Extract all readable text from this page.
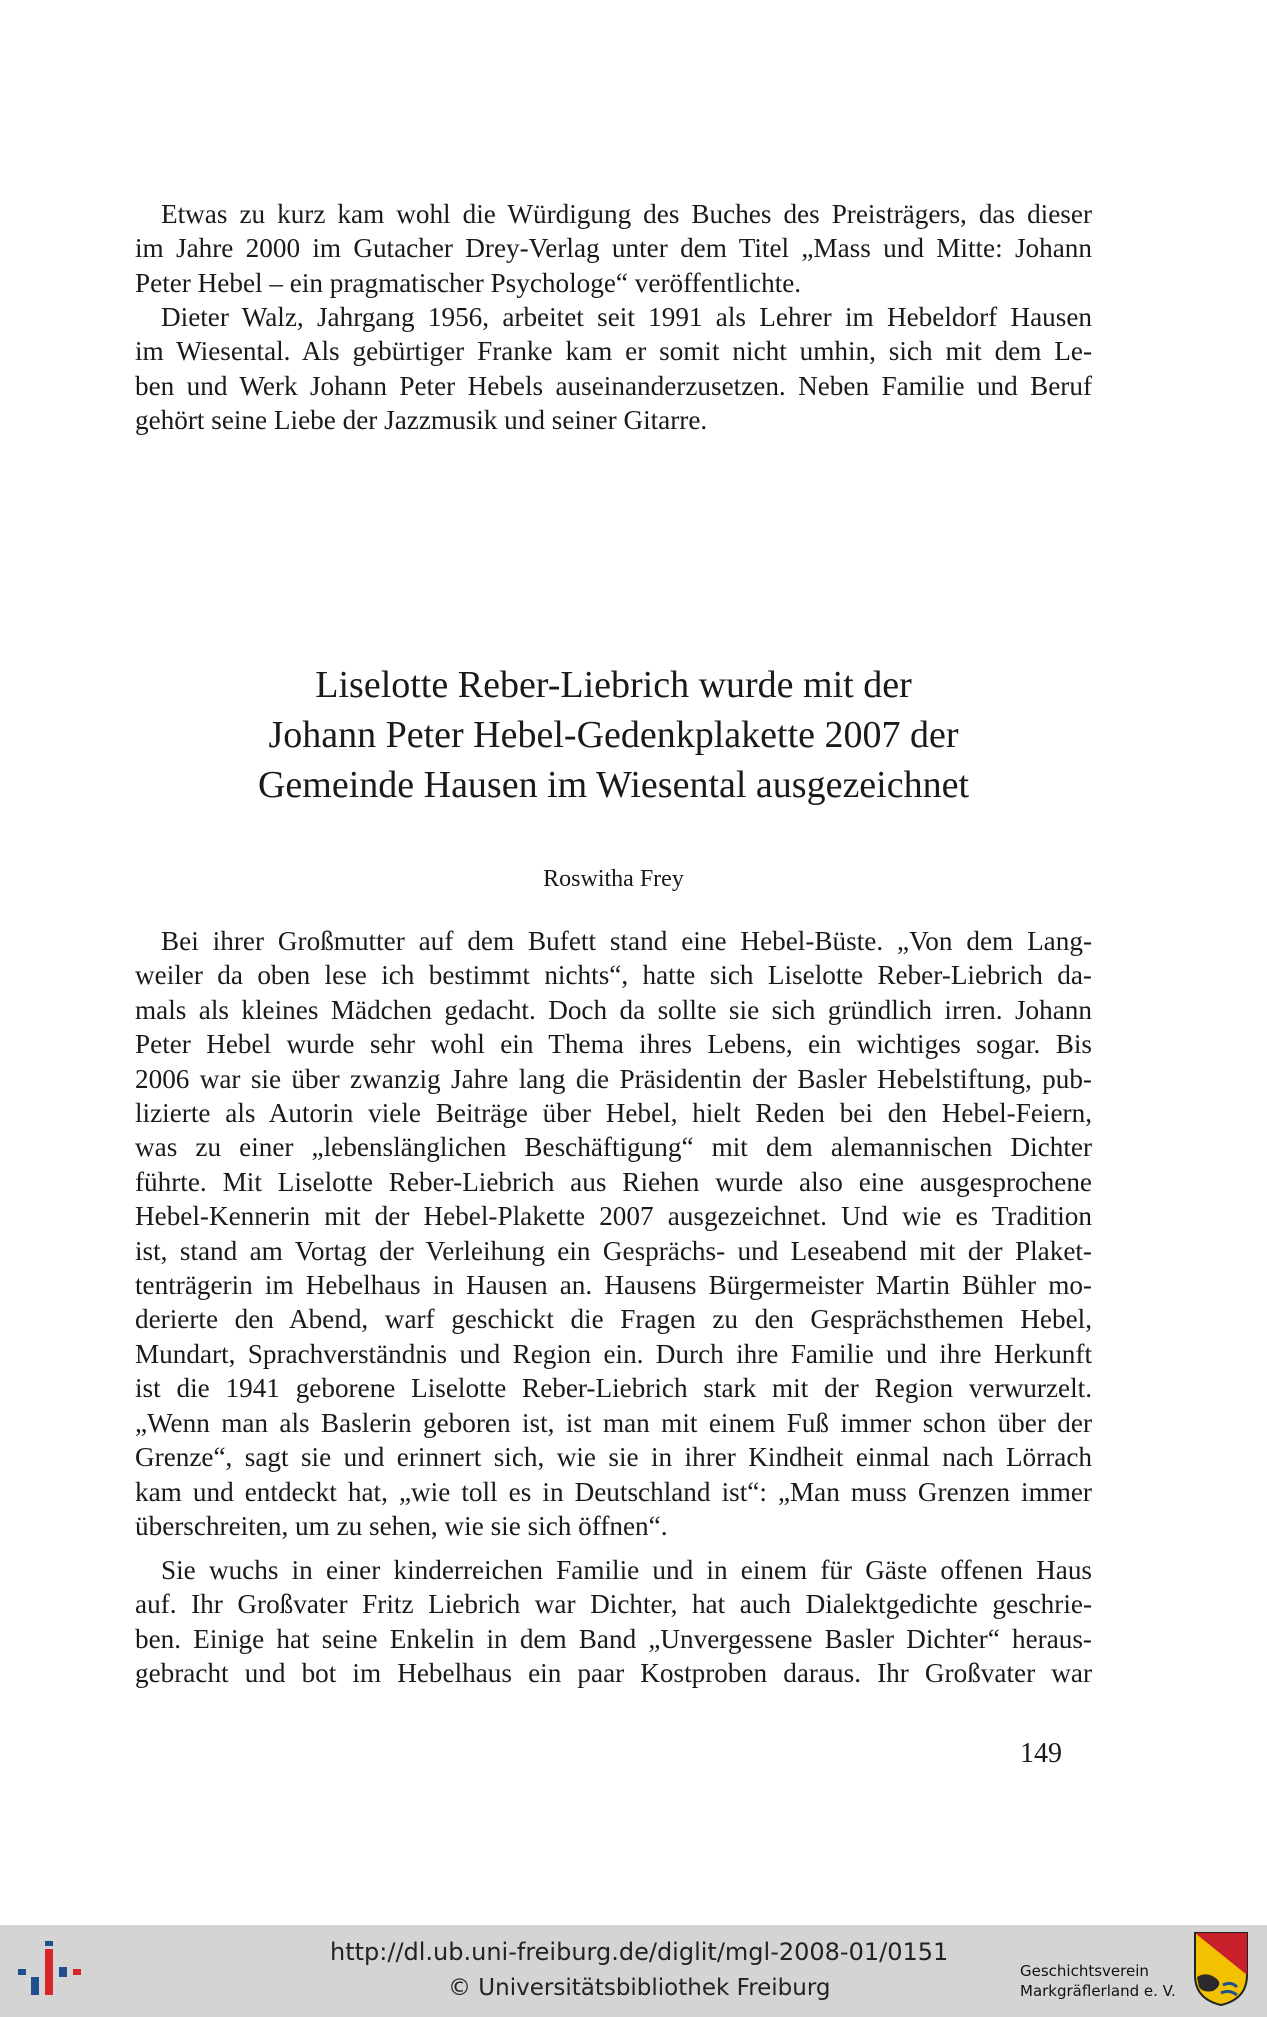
Etwas zu kurz kam wohl die Würdigung des Buches des Preisträgers, das dieser
im Jahre 2000 im Gutacher Drey-Verlag unter dem Titel „Mass und Mitte: Johann
Peter Hebel – ein pragmatischer Psychologe“ veröffentlichte.
Dieter Walz, Jahrgang 1956, arbeitet seit 1991 als Lehrer im Hebeldorf Hausen
im Wiesental. Als gebürtiger Franke kam er somit nicht umhin, sich mit dem Le-
ben und Werk Johann Peter Hebels auseinanderzusetzen. Neben Familie und Beruf
gehört seine Liebe der Jazzmusik und seiner Gitarre.
Liselotte Reber-Liebrich wurde mit der
Johann Peter Hebel-Gedenkplakette 2007 der
Gemeinde Hausen im Wiesental ausgezeichnet
Roswitha Frey
Bei ihrer Großmutter auf dem Bufett stand eine Hebel-Büste. „Von dem Lang-
weiler da oben lese ich bestimmt nichts“, hatte sich Liselotte Reber-Liebrich da-
mals als kleines Mädchen gedacht. Doch da sollte sie sich gründlich irren. Johann
Peter Hebel wurde sehr wohl ein Thema ihres Lebens, ein wichtiges sogar. Bis
2006 war sie über zwanzig Jahre lang die Präsidentin der Basler Hebelstiftung, pub-
lizierte als Autorin viele Beiträge über Hebel, hielt Reden bei den Hebel-Feiern,
was zu einer „lebenslänglichen Beschäftigung“ mit dem alemannischen Dichter
führte. Mit Liselotte Reber-Liebrich aus Riehen wurde also eine ausgesprochene
Hebel-Kennerin mit der Hebel-Plakette 2007 ausgezeichnet. Und wie es Tradition
ist, stand am Vortag der Verleihung ein Gesprächs- und Leseabend mit der Plaket-
tenträgerin im Hebelhaus in Hausen an. Hausens Bürgermeister Martin Bühler mo-
derierte den Abend, warf geschickt die Fragen zu den Gesprächsthemen Hebel,
Mundart, Sprachverständnis und Region ein. Durch ihre Familie und ihre Herkunft
ist die 1941 geborene Liselotte Reber-Liebrich stark mit der Region verwurzelt.
„Wenn man als Baslerin geboren ist, ist man mit einem Fuß immer schon über der
Grenze“, sagt sie und erinnert sich, wie sie in ihrer Kindheit einmal nach Lörrach
kam und entdeckt hat, „wie toll es in Deutschland ist“: „Man muss Grenzen immer
überschreiten, um zu sehen, wie sie sich öffnen“.
Sie wuchs in einer kinderreichen Familie und in einem für Gäste offenen Haus
auf. Ihr Großvater Fritz Liebrich war Dichter, hat auch Dialektgedichte geschrie-
ben. Einige hat seine Enkelin in dem Band „Unvergessene Basler Dichter“ heraus-
gebracht und bot im Hebelhaus ein paar Kostproben daraus. Ihr Großvater war
149
http://dl.ub.uni-freiburg.de/diglit/mgl-2008-01/0151
© Universitätsbibliothek Freiburg
Geschichtsverein
Markgräflerland e. V.
